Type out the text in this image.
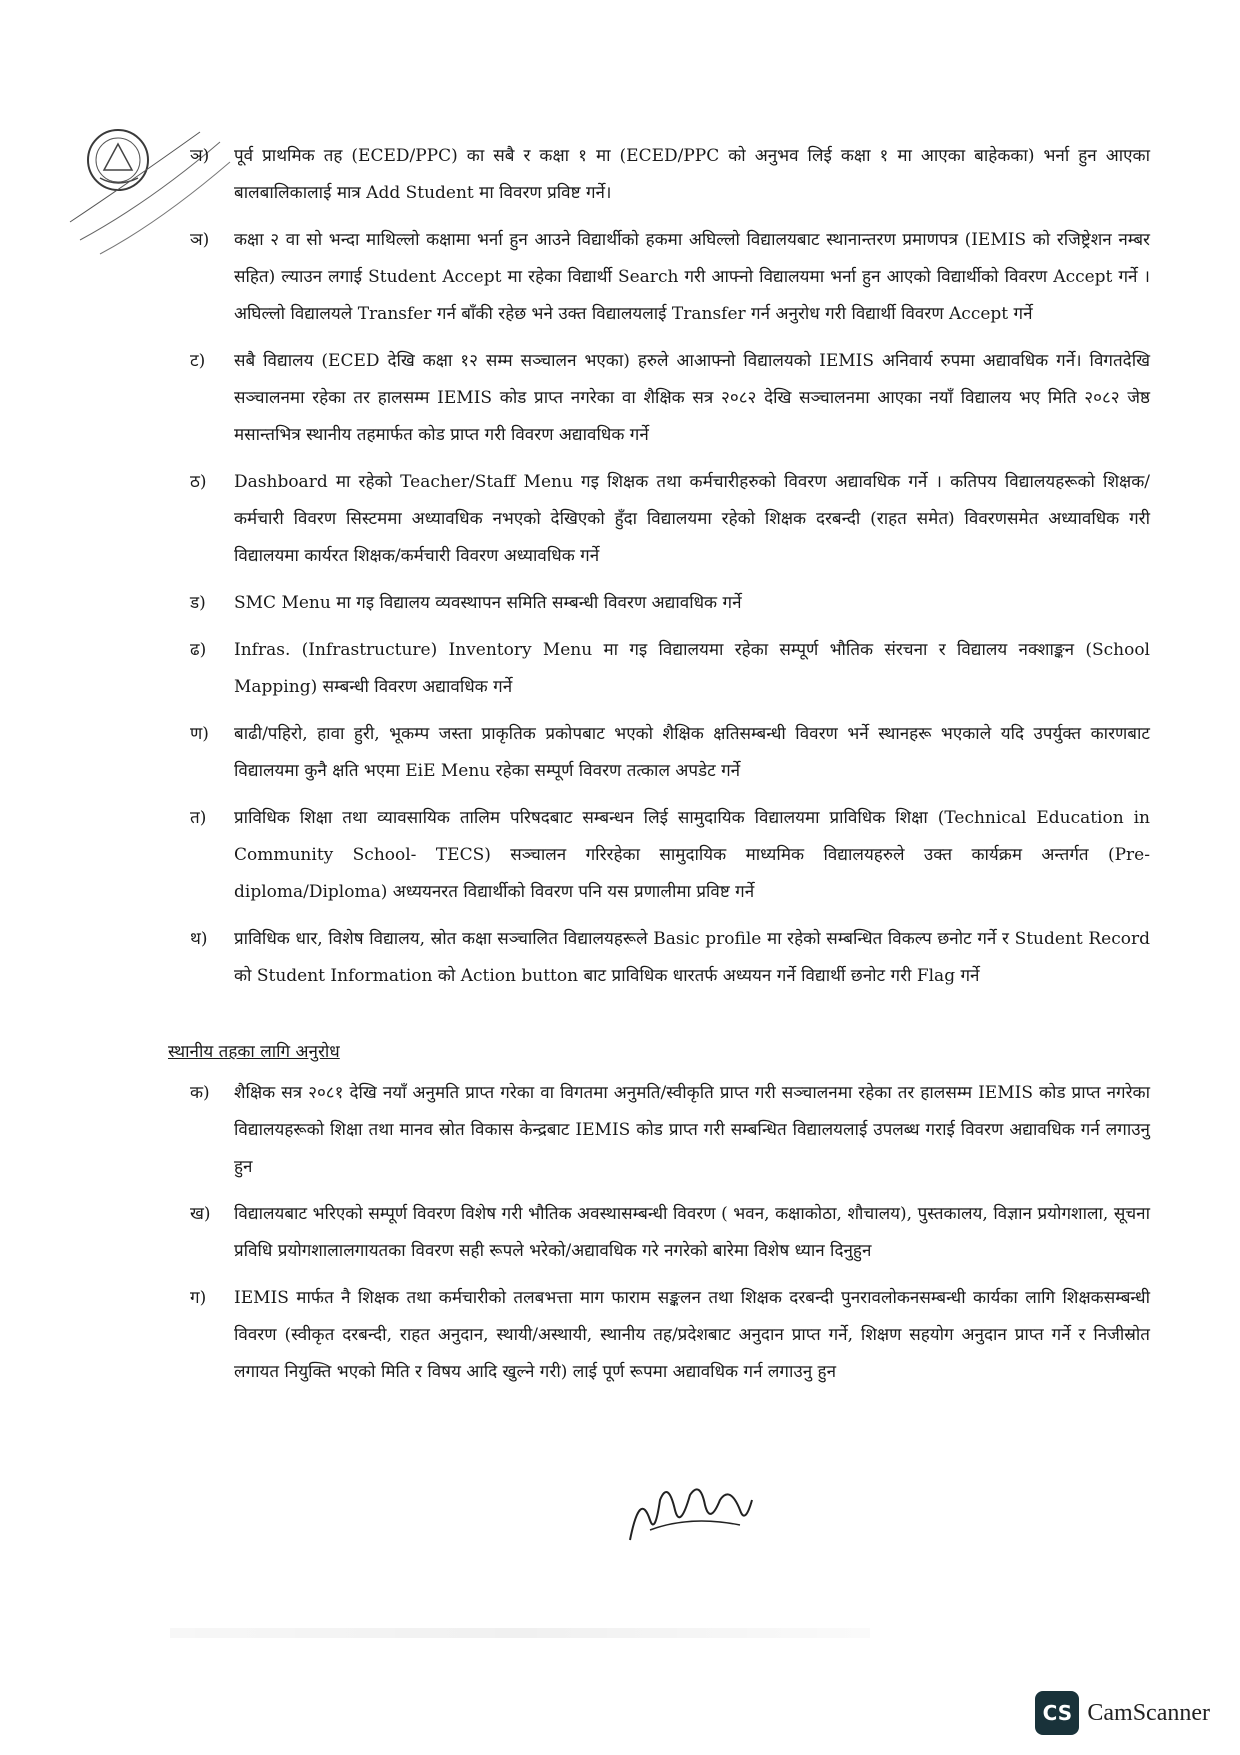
ञ) पूर्व प्राथमिक तह (ECED/PPC) का सबै र कक्षा १ मा (ECED/PPC को अनुभव लिई कक्षा १ मा आएका बाहेकका) भर्ना हुन आएका बालबालिकालाई मात्र Add Student मा विवरण प्रविष्ट गर्ने।
ञ) कक्षा २ वा सो भन्दा माथिल्लो कक्षामा भर्ना हुन आउने विद्यार्थीको हकमा अघिल्लो विद्यालयबाट स्थानान्तरण प्रमाणपत्र (IEMIS को रजिष्ट्रेशन नम्बर सहित) ल्याउन लगाई Student Accept मा रहेका विद्यार्थी Search गरी आफ्नो विद्यालयमा भर्ना हुन आएको विद्यार्थीको विवरण Accept गर्ने । अघिल्लो विद्यालयले Transfer गर्न बाँकी रहेछ भने उक्त विद्यालयलाई Transfer गर्न अनुरोध गरी विद्यार्थी विवरण Accept गर्ने
ट) सबै विद्यालय (ECED देखि कक्षा १२ सम्म सञ्चालन भएका) हरुले आआफ्नो विद्यालयको IEMIS अनिवार्य रुपमा अद्यावधिक गर्ने। विगतदेखि सञ्चालनमा रहेका तर हालसम्म IEMIS कोड प्राप्त नगरेका वा शैक्षिक सत्र २०८२ देखि सञ्चालनमा आएका नयाँ विद्यालय भए मिति २०८२ जेष्ठ मसान्तभित्र स्थानीय तहमार्फत कोड प्राप्त गरी विवरण अद्यावधिक गर्ने
ठ) Dashboard मा रहेको Teacher/Staff Menu गइ शिक्षक तथा कर्मचारीहरुको विवरण अद्यावधिक गर्ने । कतिपय विद्यालयहरूको शिक्षक/कर्मचारी विवरण सिस्टममा अध्यावधिक नभएको देखिएको हुँदा विद्यालयमा रहेको शिक्षक दरबन्दी (राहत समेत) विवरणसमेत अध्यावधिक गरी विद्यालयमा कार्यरत शिक्षक/कर्मचारी विवरण अध्यावधिक गर्ने
ड) SMC Menu मा गइ विद्यालय व्यवस्थापन समिति सम्बन्धी विवरण अद्यावधिक गर्ने
ढ) Infras. (Infrastructure) Inventory Menu मा गइ विद्यालयमा रहेका सम्पूर्ण भौतिक संरचना र विद्यालय नक्शाङ्कन (School Mapping) सम्बन्धी विवरण अद्यावधिक गर्ने
ण) बाढी/पहिरो, हावा हुरी, भूकम्प जस्ता प्राकृतिक प्रकोपबाट भएको शैक्षिक क्षतिसम्बन्धी विवरण भर्ने स्थानहरू भएकाले यदि उपर्युक्त कारणबाट विद्यालयमा कुनै क्षति भएमा EiE Menu रहेका सम्पूर्ण विवरण तत्काल अपडेट गर्ने
त) प्राविधिक शिक्षा तथा व्यावसायिक तालिम परिषदबाट सम्बन्धन लिई सामुदायिक विद्यालयमा प्राविधिक शिक्षा (Technical Education in Community School- TECS) सञ्चालन गरिरहेका सामुदायिक माध्यमिक विद्यालयहरुले उक्त कार्यक्रम अन्तर्गत (Pre- diploma/Diploma) अध्ययनरत विद्यार्थीको विवरण पनि यस प्रणालीमा प्रविष्ट गर्ने
थ) प्राविधिक धार, विशेष विद्यालय, स्रोत कक्षा सञ्चालित विद्यालयहरूले Basic profile मा रहेको सम्बन्धित विकल्प छनोट गर्ने र Student Record को Student Information को Action button बाट प्राविधिक धारतर्फ अध्ययन गर्ने विद्यार्थी छनोट गरी Flag गर्ने
स्थानीय तहका लागि अनुरोध
क) शैक्षिक सत्र २०८१ देखि नयाँ अनुमति प्राप्त गरेका वा विगतमा अनुमति/स्वीकृति प्राप्त गरी सञ्चालनमा रहेका तर हालसम्म IEMIS कोड प्राप्त नगरेका विद्यालयहरूको शिक्षा तथा मानव स्रोत विकास केन्द्रबाट IEMIS कोड प्राप्त गरी सम्बन्धित विद्यालयलाई उपलब्ध गराई विवरण अद्यावधिक गर्न लगाउनु हुन
ख) विद्यालयबाट भरिएको सम्पूर्ण विवरण विशेष गरी भौतिक अवस्थासम्बन्धी विवरण ( भवन, कक्षाकोठा, शौचालय), पुस्तकालय, विज्ञान प्रयोगशाला, सूचना प्रविधि प्रयोगशालालगायतका विवरण सही रूपले भरेको/अद्यावधिक गरे नगरेको बारेमा विशेष ध्यान दिनुहुन
ग) IEMIS मार्फत नै शिक्षक तथा कर्मचारीको तलबभत्ता माग फाराम सङ्कलन तथा शिक्षक दरबन्दी पुनरावलोकनसम्बन्धी कार्यका लागि शिक्षकसम्बन्धी विवरण (स्वीकृत दरबन्दी, राहत अनुदान, स्थायी/अस्थायी, स्थानीय तह/प्रदेशबाट अनुदान प्राप्त गर्ने, शिक्षण सहयोग अनुदान प्राप्त गर्ने र निजीस्रोत लगायत नियुक्ति भएको मिति र विषय आदि खुल्ने गरी) लाई पूर्ण रूपमा अद्यावधिक गर्न लगाउनु हुन
CS CamScanner
